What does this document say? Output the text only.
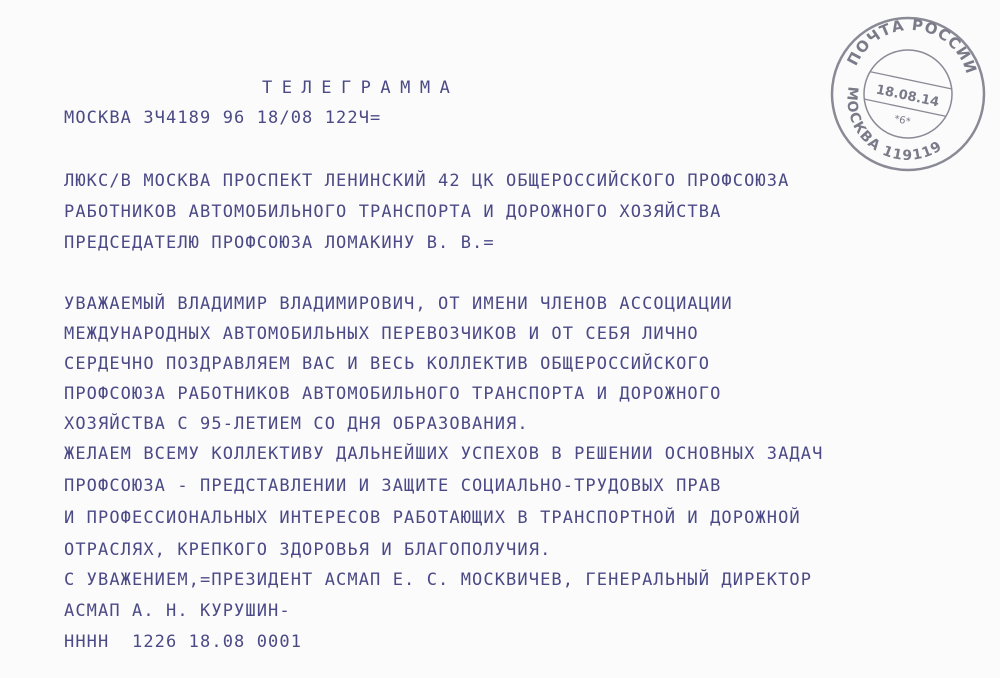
ТЕЛЕГРАММА
МОСКВА 3Ч4189 96 18/08 122Ч=
ЛЮКС/В МОСКВА ПРОСПЕКТ ЛЕНИНСКИЙ 42 ЦК ОБЩЕРОССИЙСКОГО ПРОФСОЮЗА
РАБОТНИКОВ АВТОМОБИЛЬНОГО ТРАНСПОРТА И ДОРОЖНОГО ХОЗЯЙСТВА
ПРЕДСЕДАТЕЛЮ ПРОФСОЮЗА ЛОМАКИНУ В. В.=
УВАЖАЕМЫЙ ВЛАДИМИР ВЛАДИМИРОВИЧ, ОТ ИМЕНИ ЧЛЕНОВ АССОЦИАЦИИ
МЕЖДУНАРОДНЫХ АВТОМОБИЛЬНЫХ ПЕРЕВОЗЧИКОВ И ОТ СЕБЯ ЛИЧНО
СЕРДЕЧНО ПОЗДРАВЛЯЕМ ВАС И ВЕСЬ КОЛЛЕКТИВ ОБЩЕРОССИЙСКОГО
ПРОФСОЮЗА РАБОТНИКОВ АВТОМОБИЛЬНОГО ТРАНСПОРТА И ДОРОЖНОГО
ХОЗЯЙСТВА С 95-ЛЕТИЕМ СО ДНЯ ОБРАЗОВАНИЯ.
ЖЕЛАЕМ ВСЕМУ КОЛЛЕКТИВУ ДАЛЬНЕЙШИХ УСПЕХОВ В РЕШЕНИИ ОСНОВНЫХ ЗАДАЧ
ПРОФСОЮЗА - ПРЕДСТАВЛЕНИИ И ЗАЩИТЕ СОЦИАЛЬНО-ТРУДОВЫХ ПРАВ
И ПРОФЕССИОНАЛЬНЫХ ИНТЕРЕСОВ РАБОТАЮЩИХ В ТРАНСПОРТНОЙ И ДОРОЖНОЙ
ОТРАСЛЯХ, КРЕПКОГО ЗДОРОВЬЯ И БЛАГОПОЛУЧИЯ.
С УВАЖЕНИЕМ,=ПРЕЗИДЕНТ АСМАП Е. С. МОСКВИЧЕВ, ГЕНЕРАЛЬНЫЙ ДИРЕКТОР
АСМАП А. Н. КУРУШИН-
НННН  1226 18.08 0001
ПОЧТА РОССИИ
МОСКВА 119119
18.08.14
*6*
